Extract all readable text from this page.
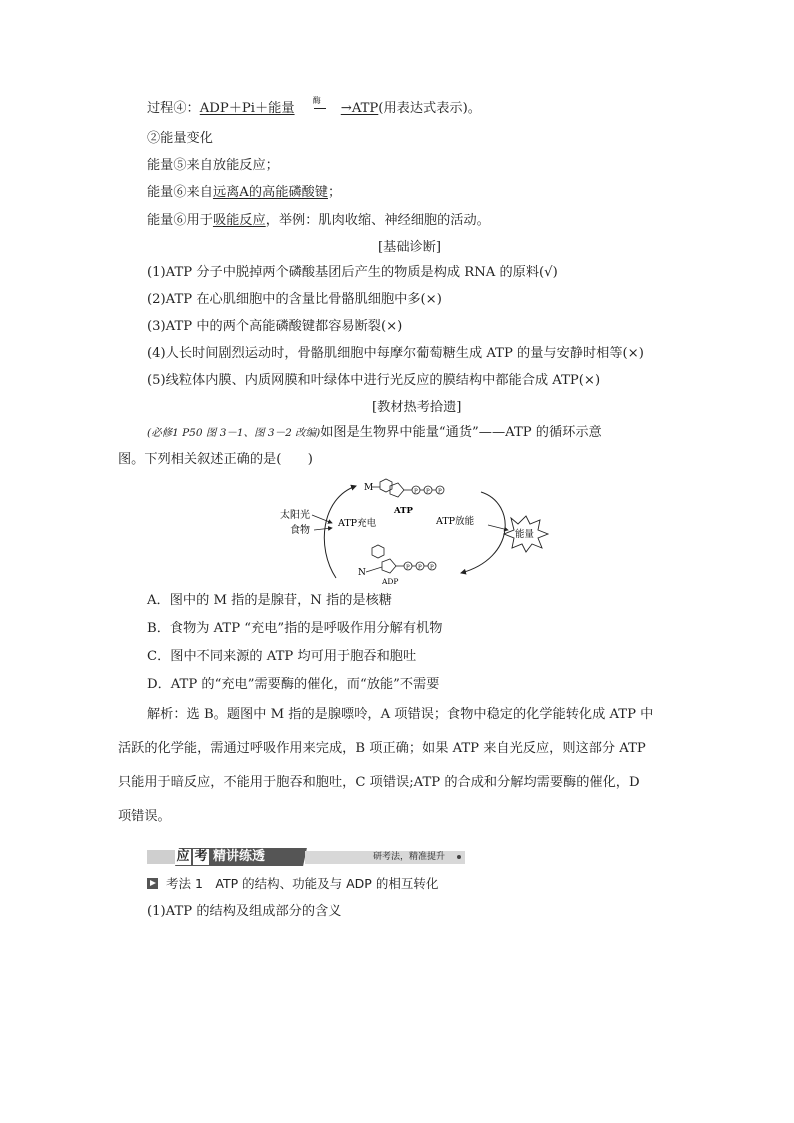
过程④：ADP＋Pi＋能量
酶
→ATP(用表达式表示)。
②能量变化
能量⑤来自放能反应；
能量⑥来自远离A的高能磷酸键；
能量⑥用于吸能反应，举例：肌肉收缩、神经细胞的活动。
[基础诊断]
(1)ATP 分子中脱掉两个磷酸基团后产生的物质是构成 RNA 的原料(√)
(2)ATP 在心肌细胞中的含量比骨骼肌细胞中多(×)
(3)ATP 中的两个高能磷酸键都容易断裂(×)
(4)人长时间剧烈运动时，骨骼肌细胞中每摩尔葡萄糖生成 ATP 的量与安静时相等(×)
(5)线粒体内膜、内质网膜和叶绿体中进行光反应的膜结构中都能合成 ATP(×)
[教材热考拾遗]
(必修1 P50 图 3－1、图 3－2 改编)如图是生物界中能量“通货”——ATP 的循环示意
图。下列相关叙述正确的是(　　)
太阳光
食物
ATP充电	ATP放能
能量
M	P P P
ATP
N
P P P
ADP
A．图中的 M 指的是腺苷，N 指的是核糖
B．食物为 ATP “充电”指的是呼吸作用分解有机物
C．图中不同来源的 ATP 均可用于胞吞和胞吐
D．ATP 的“充电”需要酶的催化，而“放能”不需要
解析：选 B。题图中 M 指的是腺嘌呤，A 项错误；食物中稳定的化学能转化成 ATP 中
活跃的化学能，需通过呼吸作用来完成，B 项正确；如果 ATP 来自光反应，则这部分 ATP
只能用于暗反应，不能用于胞吞和胞吐，C 项错误;ATP 的合成和分解均需要酶的催化，D
项错误。
应 考 精讲练透	研考法，精准提升
考法 1　ATP 的结构、功能及与 ADP 的相互转化
(1)ATP 的结构及组成部分的含义
